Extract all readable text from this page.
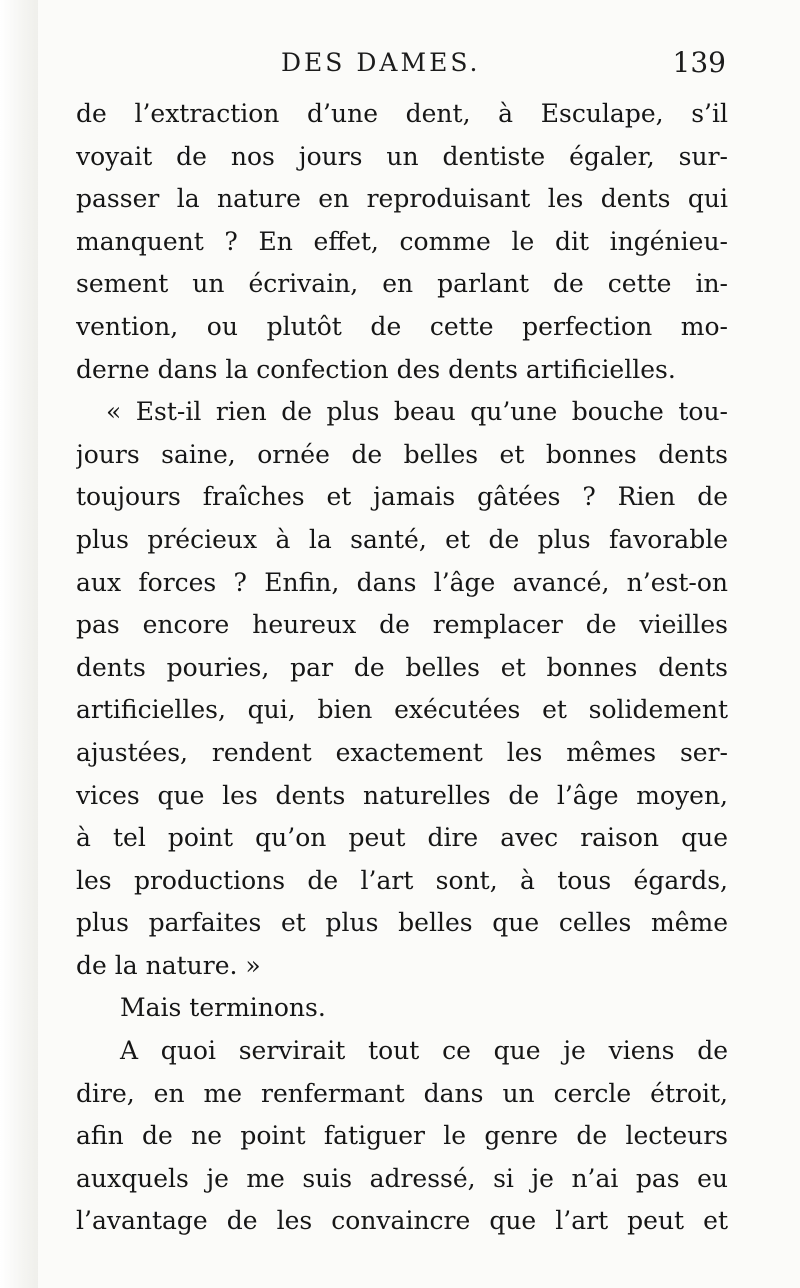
DES DAMES.	139
de l’extraction d’une dent, à Esculape, s’il
voyait de nos jours un dentiste égaler, sur-
passer la nature en reproduisant les dents qui
manquent ? En effet, comme le dit ingénieu-
sement un écrivain, en parlant de cette in-
vention, ou plutôt de cette perfection mo-
derne dans la confection des dents artificielles.
« Est-il rien de plus beau qu’une bouche tou-
jours saine, ornée de belles et bonnes dents
toujours fraîches et jamais gâtées ? Rien de
plus précieux à la santé, et de plus favorable
aux forces ? Enfin, dans l’âge avancé, n’est-on
pas encore heureux de remplacer de vieilles
dents pouries, par de belles et bonnes dents
artificielles, qui, bien exécutées et solidement
ajustées, rendent exactement les mêmes ser-
vices que les dents naturelles de l’âge moyen,
à tel point qu’on peut dire avec raison que
les productions de l’art sont, à tous égards,
plus parfaites et plus belles que celles même
de la nature. »
Mais terminons.
A quoi servirait tout ce que je viens de
dire, en me renfermant dans un cercle étroit,
afin de ne point fatiguer le genre de lecteurs
auxquels je me suis adressé, si je n’ai pas eu
l’avantage de les convaincre que l’art peut et
